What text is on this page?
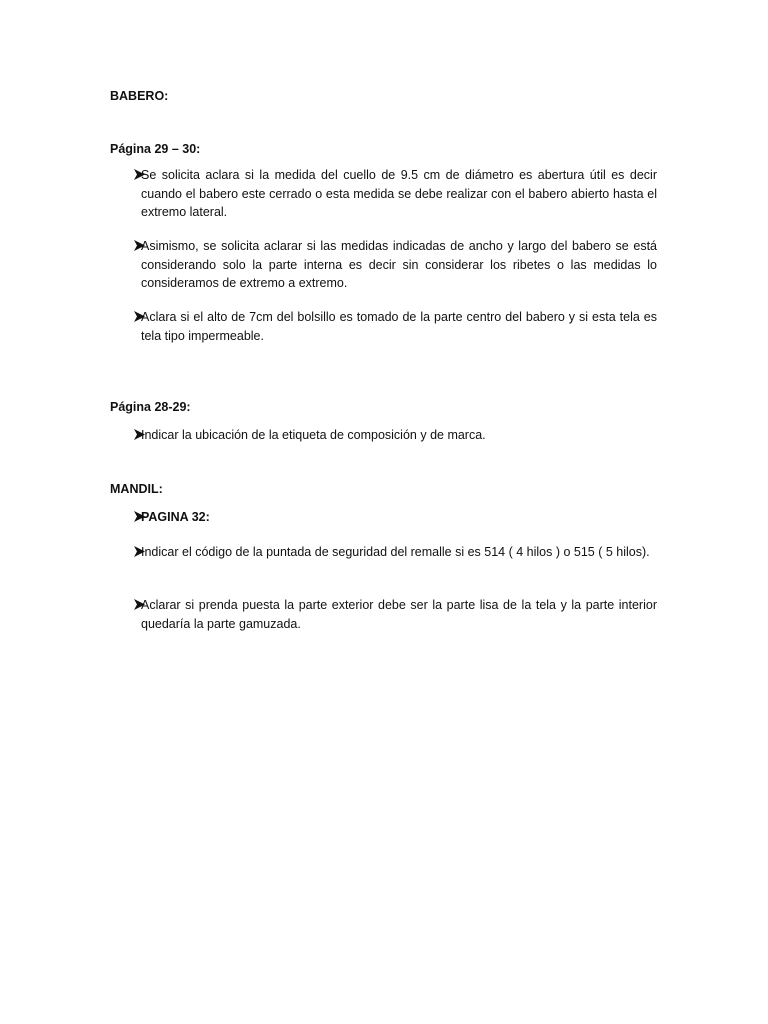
BABERO:
Página 29 – 30:
Se solicita aclara si la medida del cuello de 9.5 cm de diámetro es abertura útil es decir cuando el babero este cerrado o esta medida se debe realizar con el babero abierto hasta el extremo lateral.
Asimismo, se solicita aclarar si las medidas indicadas de ancho y largo del babero se está considerando solo la parte interna es decir sin considerar los ribetes o las medidas lo consideramos de extremo a extremo.
Aclara si el alto de 7cm del bolsillo es tomado de la parte centro del babero y si esta tela es tela tipo impermeable.
Página 28-29:
Indicar la ubicación de la etiqueta de composición y de marca.
MANDIL:
PAGINA 32:
Indicar el código de la puntada de seguridad del remalle si es 514 ( 4 hilos ) o 515 ( 5 hilos).
Aclarar si prenda puesta la parte exterior debe ser la parte lisa de la tela y la parte interior quedaría la parte gamuzada.
